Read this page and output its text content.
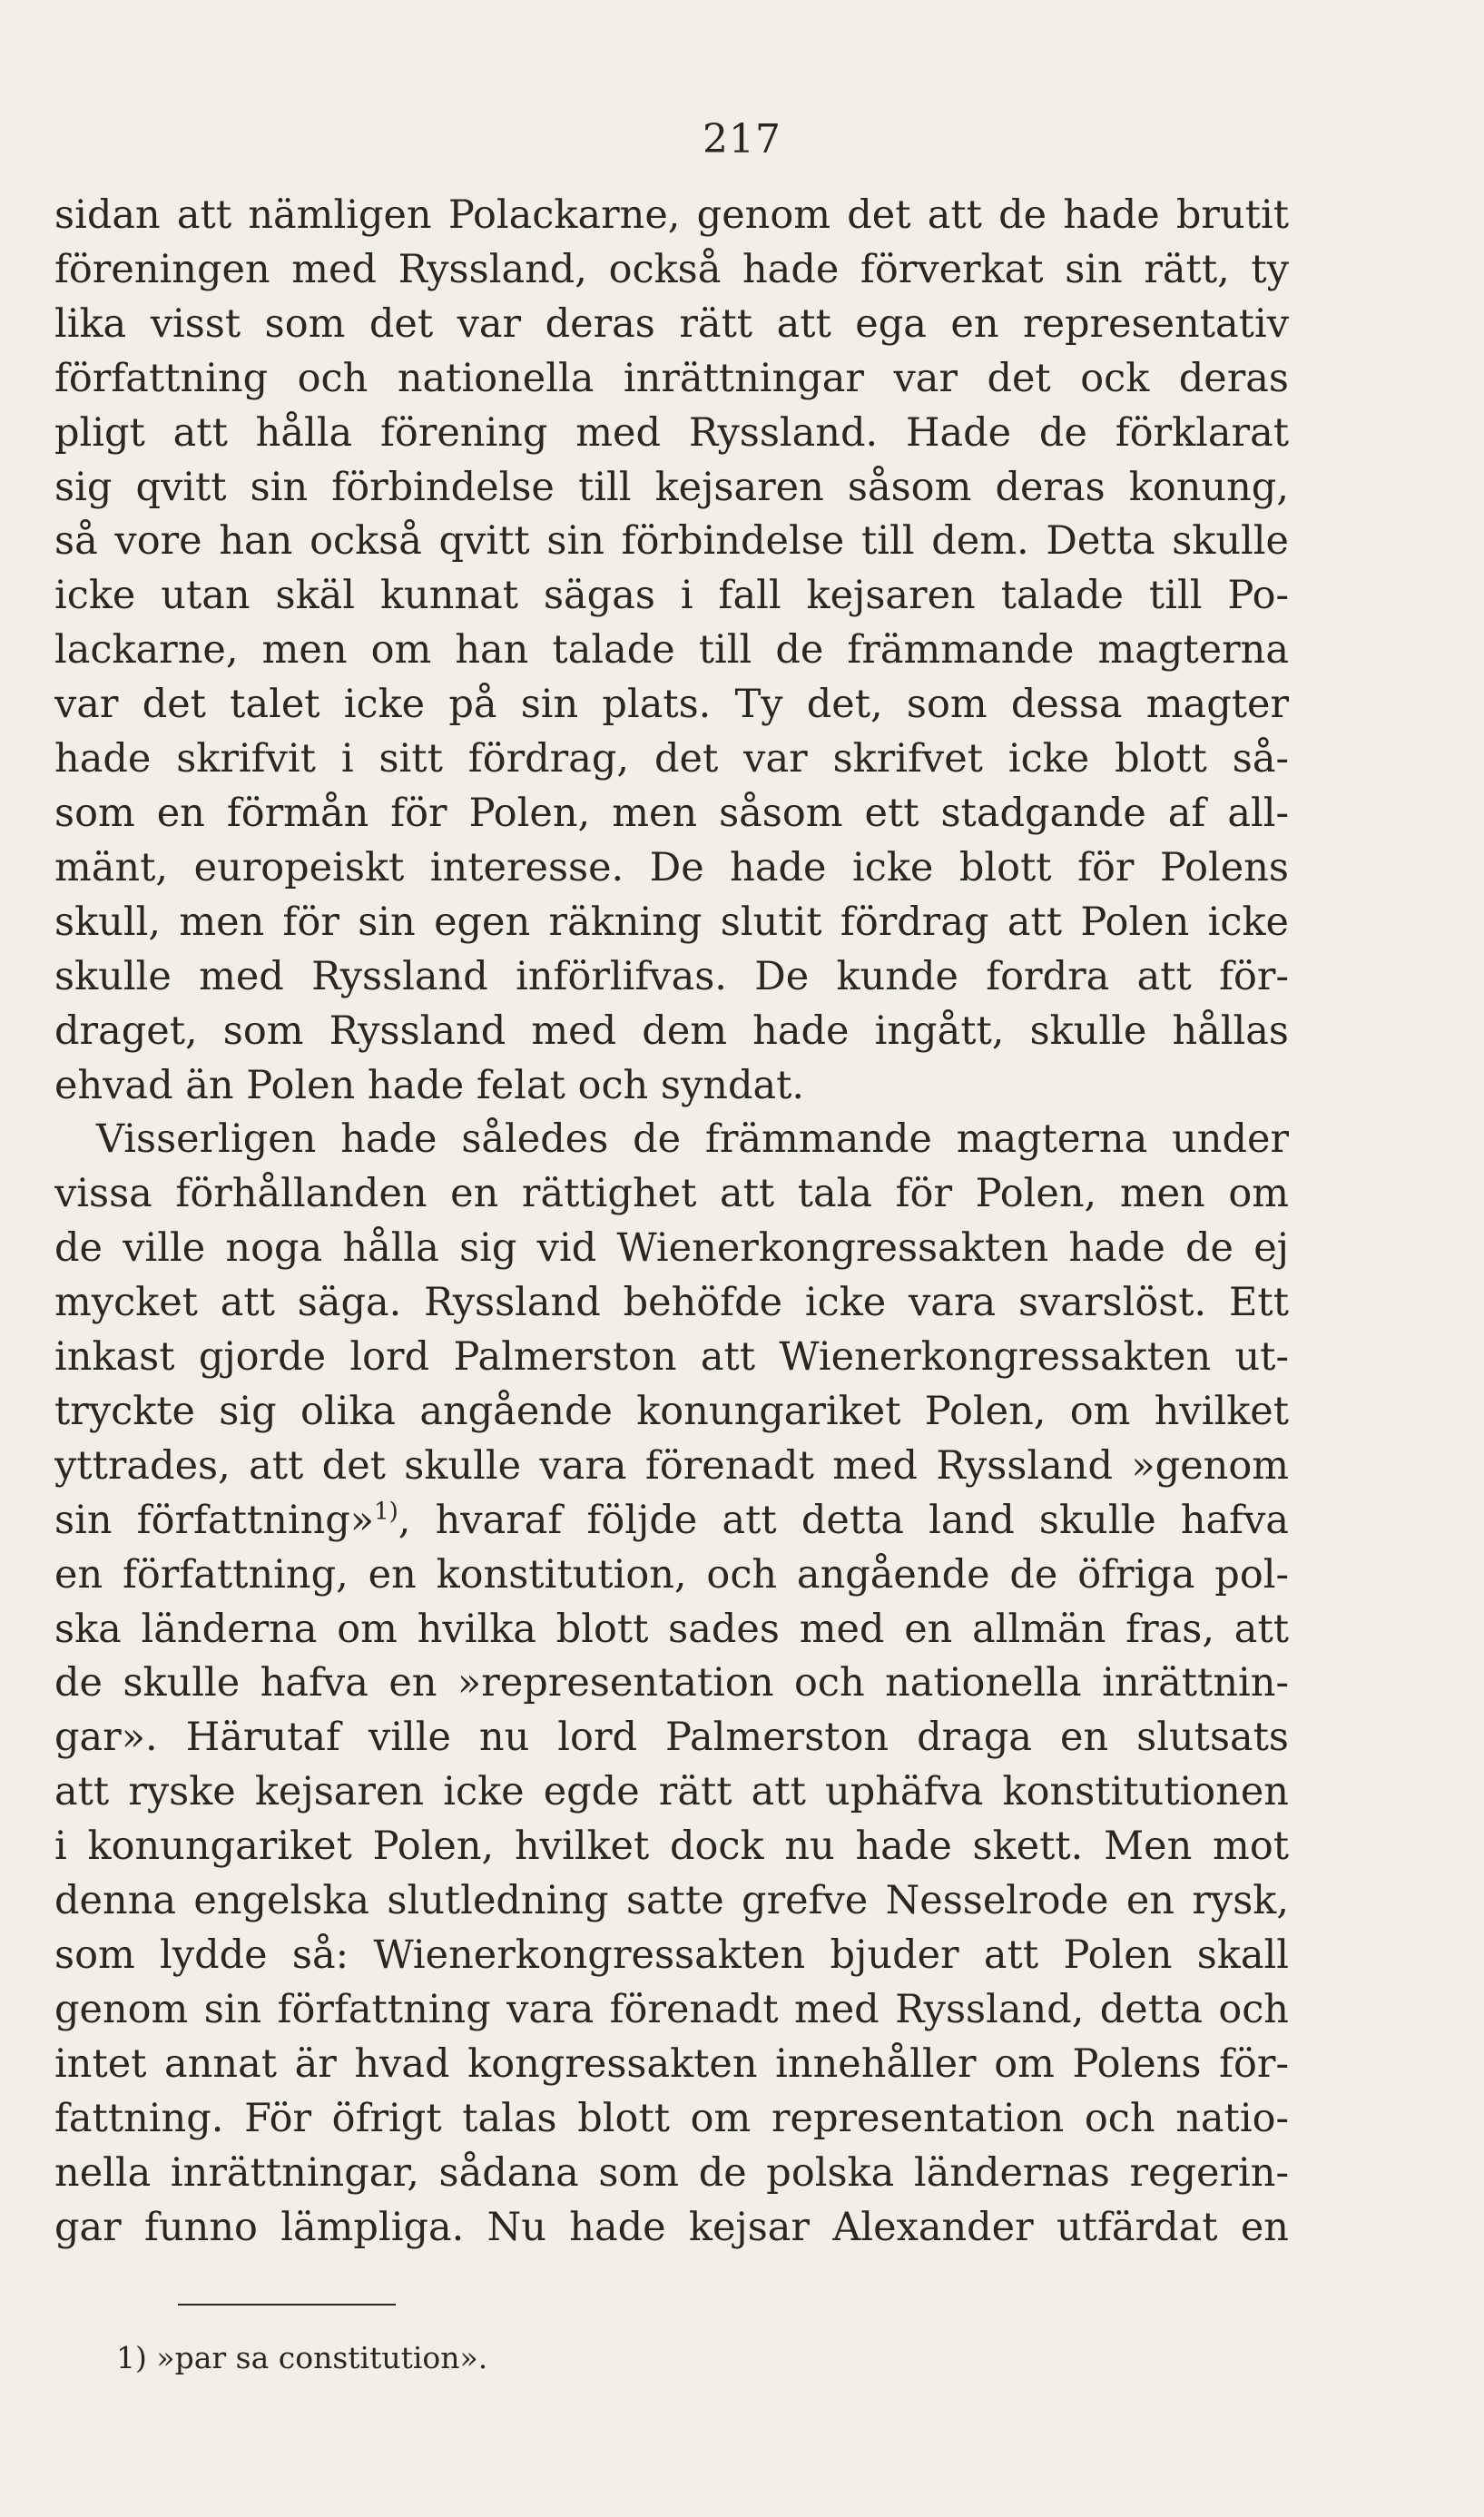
217
sidan att nämligen Polackarne, genom det att de hade brutit
föreningen med Ryssland, också hade förverkat sin rätt, ty
lika visst som det var deras rätt att ega en representativ
författning och nationella inrättningar var det ock deras
pligt att hålla förening med Ryssland. Hade de förklarat
sig qvitt sin förbindelse till kejsaren såsom deras konung,
så vore han också qvitt sin förbindelse till dem. Detta skulle
icke utan skäl kunnat sägas i fall kejsaren talade till Po-
lackarne, men om han talade till de främmande magterna
var det talet icke på sin plats. Ty det, som dessa magter
hade skrifvit i sitt fördrag, det var skrifvet icke blott så-
som en förmån för Polen, men såsom ett stadgande af all-
mänt, europeiskt interesse. De hade icke blott för Polens
skull, men för sin egen räkning slutit fördrag att Polen icke
skulle med Ryssland införlifvas. De kunde fordra att för-
draget, som Ryssland med dem hade ingått, skulle hållas
ehvad än Polen hade felat och syndat.
Visserligen hade således de främmande magterna under
vissa förhållanden en rättighet att tala för Polen, men om
de ville noga hålla sig vid Wienerkongressakten hade de ej
mycket att säga. Ryssland behöfde icke vara svarslöst. Ett
inkast gjorde lord Palmerston att Wienerkongressakten ut-
tryckte sig olika angående konungariket Polen, om hvilket
yttrades, att det skulle vara förenadt med Ryssland »genom
sin författning»$^{1)}$, hvaraf följde att detta land skulle hafva
en författning, en konstitution, och angående de öfriga pol-
ska länderna om hvilka blott sades med en allmän fras, att
de skulle hafva en »representation och nationella inrättnin-
gar». Härutaf ville nu lord Palmerston draga en slutsats
att ryske kejsaren icke egde rätt att uphäfva konstitutionen
i konungariket Polen, hvilket dock nu hade skett. Men mot
denna engelska slutledning satte grefve Nesselrode en rysk,
som lydde så: Wienerkongressakten bjuder att Polen skall
genom sin författning vara förenadt med Ryssland, detta och
intet annat är hvad kongressakten innehåller om Polens för-
fattning. För öfrigt talas blott om representation och natio-
nella inrättningar, sådana som de polska ländernas regerin-
gar funno lämpliga. Nu hade kejsar Alexander utfärdat en
1) »par sa constitution».
